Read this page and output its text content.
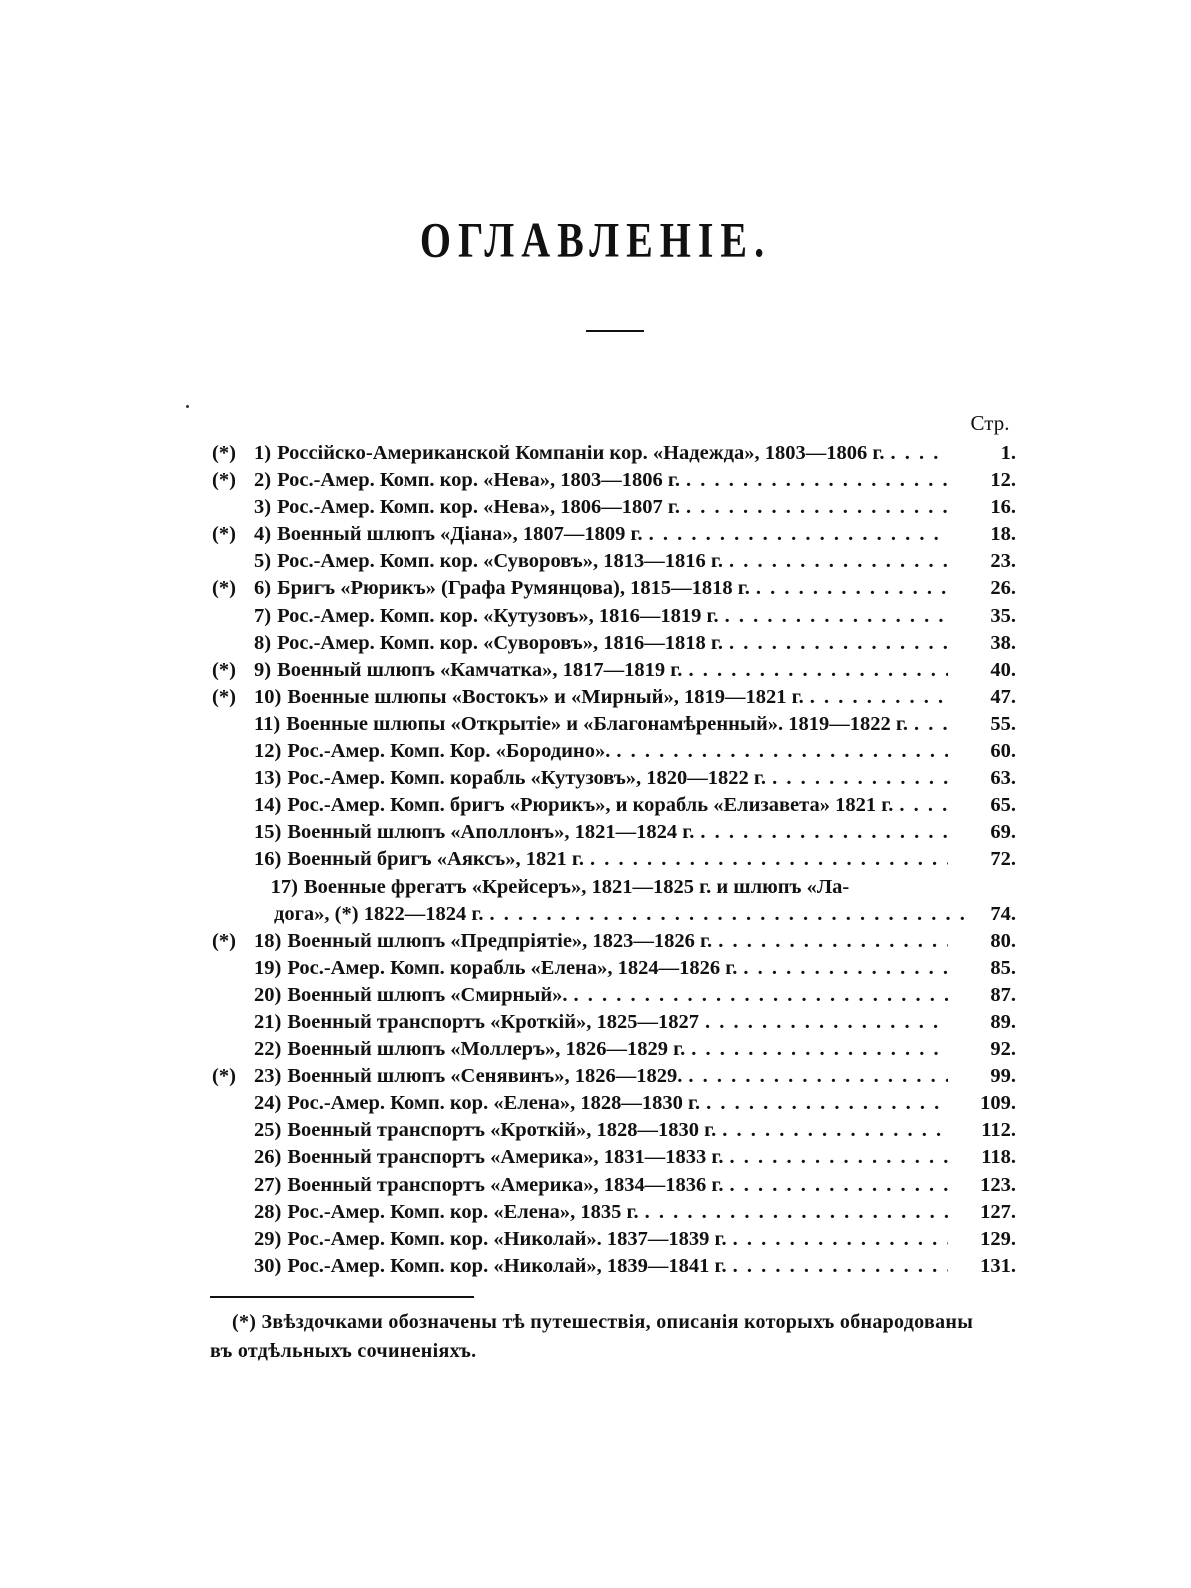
ОГЛАВЛЕНІЕ.
Стр.
(*) 1) Россійско-Американской Компаніи кор. «Надежда», 1803—1806 г. . . .	1.
(*) 2) Рос.-Амер. Комп. кор. «Нева», 1803—1806 г. . . .	12.
3) Рос.-Амер. Комп. кор. «Нева», 1806—1807 г. . . .	16.
(*) 4) Военный шлюпъ «Діана», 1807—1809 г. . . .	18.
5) Рос.-Амер. Комп. кор. «Суворовъ», 1813—1816 г. . . .	23.
(*) 6) Бригъ «Рюрикъ» (Графа Румянцова), 1815—1818 г. . . .	26.
7) Рос.-Амер. Комп. кор. «Кутузовъ», 1816—1819 г. . . .	35.
8) Рос.-Амер. Комп. кор. «Суворовъ», 1816—1818 г. . . .	38.
(*) 9) Военный шлюпъ «Камчатка», 1817—1819 г. . . .	40.
(*) 10) Военные шлюпы «Востокъ» и «Мирный», 1819—1821 г. . . .	47.
11) Военные шлюпы «Открытіе» и «Благонамѣренный». 1819—1822 г. . . .	55.
12) Рос.-Амер. Комп. Кор. «Бородино». . . .	60.
13) Рос.-Амер. Комп. корабль «Кутузовъ», 1820—1822 г. . . .	63.
14) Рос.-Амер. Комп. бригъ «Рюрикъ», и корабль «Елизавета» 1821 г. . . .	65.
15) Военный шлюпъ «Аполлонъ», 1821—1824 г. . . .	69.
16) Военный бригъ «Аяксъ», 1821 г. . . .	72.
17) Военные фрегатъ «Крейсеръ», 1821—1825 г. и шлюпъ «Ла-
дога», (*) 1822—1824 г. . . .	74.
(*) 18) Военный шлюпъ «Предпріятіе», 1823—1826 г. . . .	80.
19) Рос.-Амер. Комп. корабль «Елена», 1824—1826 г. . . .	85.
20) Военный шлюпъ «Смирный». . . .	87.
21) Военный транспортъ «Кроткій», 1825—1827 . . .	89.
22) Военный шлюпъ «Моллеръ», 1826—1829 г. . . .	92.
(*) 23) Военный шлюпъ «Сенявинъ», 1826—1829. . . .	99.
24) Рос.-Амер. Комп. кор. «Елена», 1828—1830 г. . . .	109.
25) Военный транспортъ «Кроткій», 1828—1830 г. . . .	112.
26) Военный транспортъ «Америка», 1831—1833 г. . . .	118.
27) Военный транспортъ «Америка», 1834—1836 г. . . .	123.
28) Рос.-Амер. Комп. кор. «Елена», 1835 г. . . .	127.
29) Рос.-Амер. Комп. кор. «Николай». 1837—1839 г. . . .	129.
30) Рос.-Амер. Комп. кор. «Николай», 1839—1841 г. . . .	131.
(*) Звѣздочками обозначены тѣ путешествія, описанія которыхъ обнародованы
въ отдѣльныхъ сочиненіяхъ.
